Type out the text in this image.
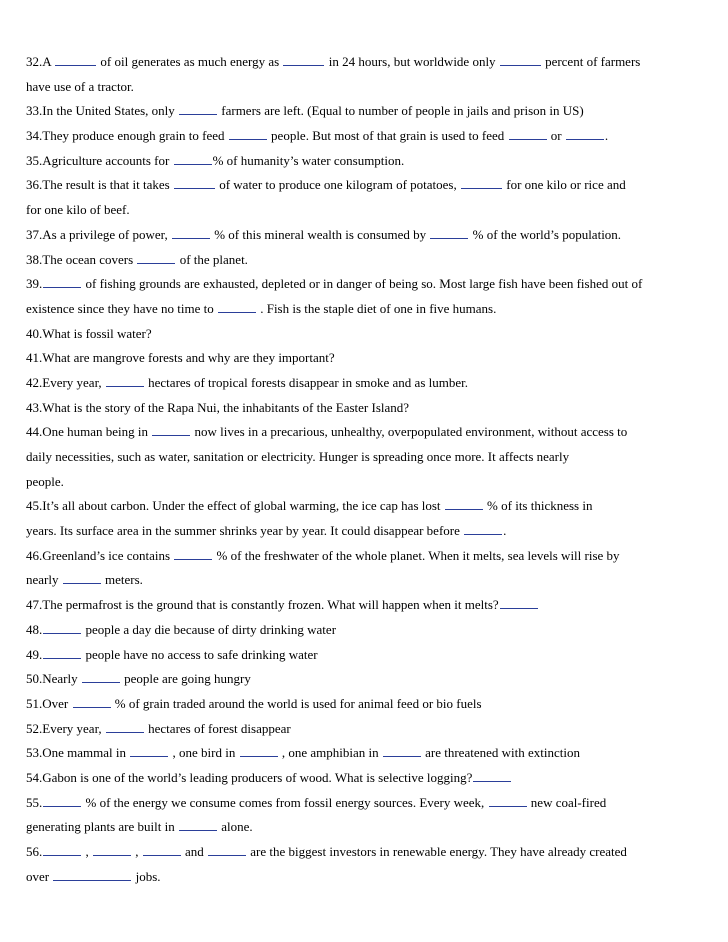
32.A	of oil generates as much energy as	in 24 hours, but worldwide only	percent of farmers
have use of a tractor.
33.In the United States, only	farmers are left. (Equal to number of people in jails and prison in US)
34.They produce enough grain to feed	people. But most of that grain is used to feed	or	.
35.Agriculture accounts for	% of humanity’s water consumption.
36.The result is that it takes	of water to produce one kilogram of potatoes,	for one kilo or rice and
for one kilo of beef.
37.As a privilege of power,	% of this mineral wealth is consumed by	% of the world’s population.
38.The ocean covers	of the planet.
39.	of fishing grounds are exhausted, depleted or in danger of being so. Most large fish have been fished out of
existence since they have no time to	. Fish is the staple diet of one in five humans.
40.What is fossil water?
41.What are mangrove forests and why are they important?
42.Every year,	hectares of tropical forests disappear in smoke and as lumber.
43.What is the story of the Rapa Nui, the inhabitants of the Easter Island?
44.One human being in	now lives in a precarious, unhealthy, overpopulated environment, without access to
daily necessities, such as water, sanitation or electricity. Hunger is spreading once more. It affects nearly
people.
45.It’s all about carbon. Under the effect of global warming, the ice cap has lost	% of its thickness in
years. Its surface area in the summer shrinks year by year. It could disappear before	.
46.Greenland’s ice contains	% of the freshwater of the whole planet. When it melts, sea levels will rise by
nearly	meters.
47.The permafrost is the ground that is constantly frozen. What will happen when it melts?
48.	people a day die because of dirty drinking water
49.	people have no access to safe drinking water
50.Nearly	people are going hungry
51.Over	% of grain traded around the world is used for animal feed or bio fuels
52.Every year,	hectares of forest disappear
53.One mammal in	, one bird in	, one amphibian in	are threatened with extinction
54.Gabon is one of the world’s leading producers of wood. What is selective logging?
55.	% of the energy we consume comes from fossil energy sources. Every week,	new coal-fired
generating plants are built in	alone.
56.	,	,	and	are the biggest investors in renewable energy. They have already created
over	jobs.
